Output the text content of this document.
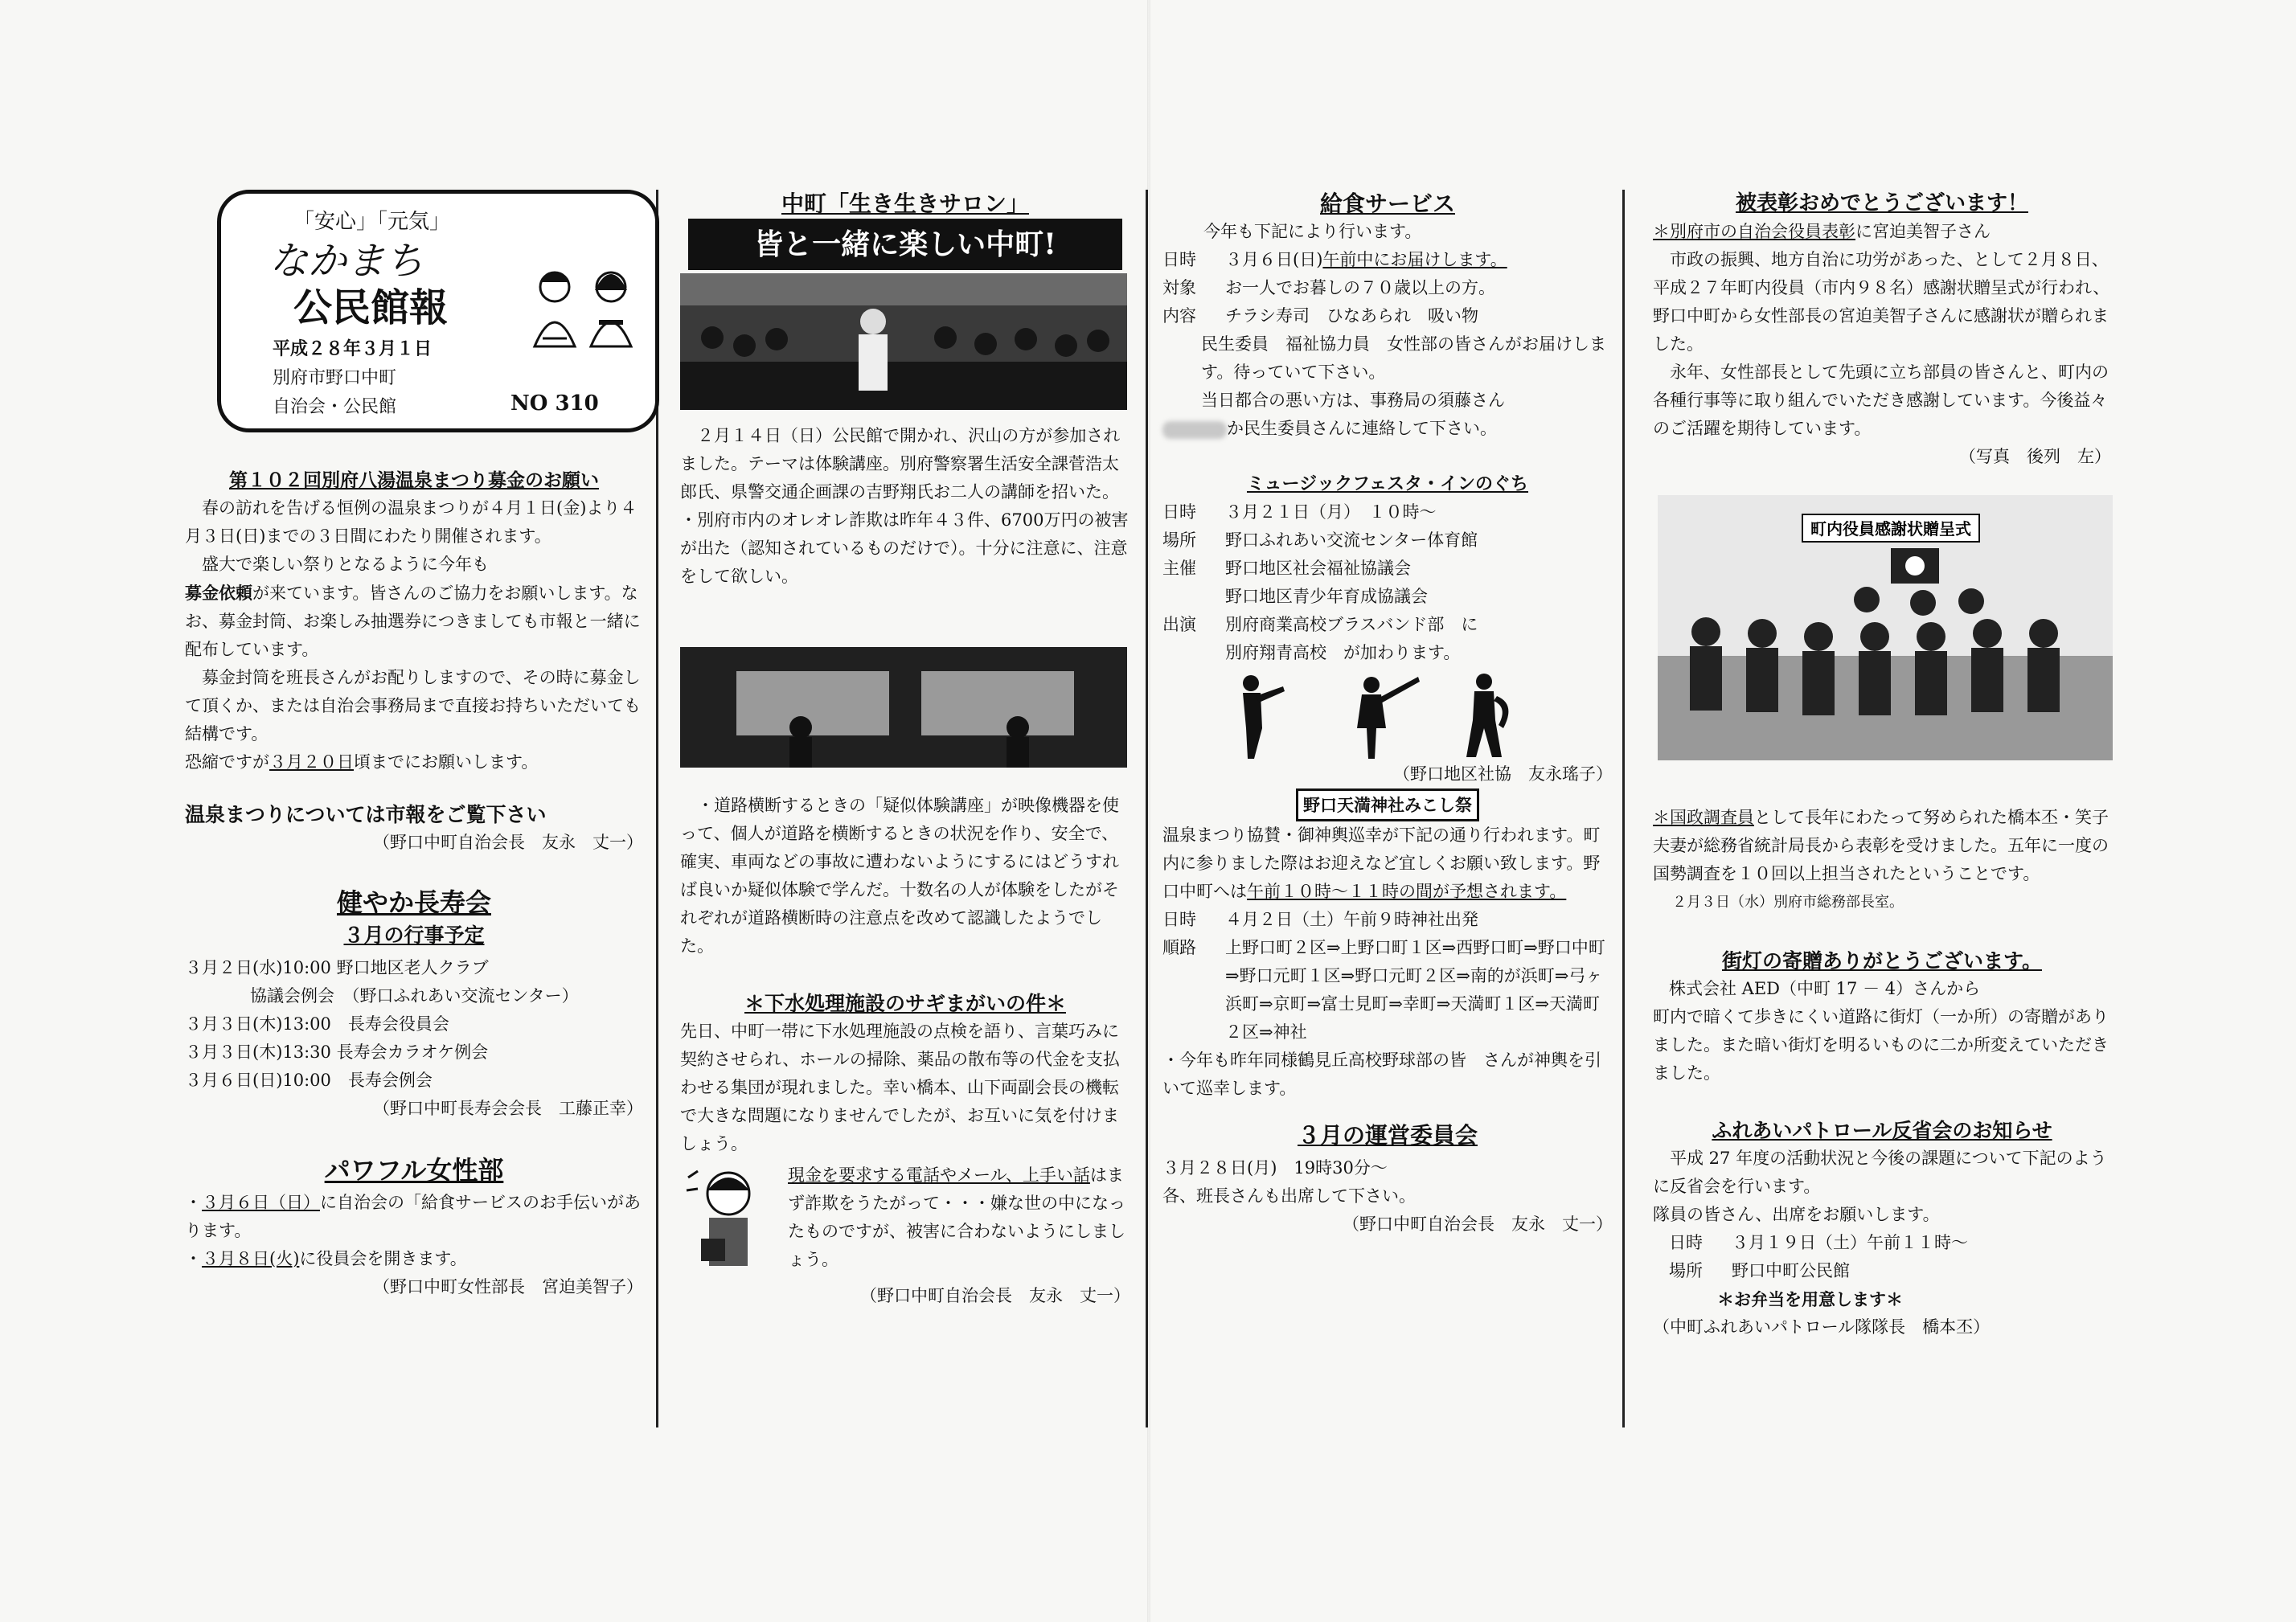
「安心」「元気」
なかまち
公民館報
平成２８年３月１日
別府市野口中町
自治会・公民館	NO 310

第１０２回別府八湯温泉まつり募金のお願い

春の訪れを告げる恒例の温泉まつりが４月１日(金)より４月３日(日)までの３日間にわたり開催されます。

盛大で楽しい祭りとなるように今年も

募金依頼が来ています。皆さんのご協力をお願いします。なお、募金封筒、お楽しみ抽選券につきましても市報と一緒に配布しています。

募金封筒を班長さんがお配りしますので、その時に募金して頂くか、または自治会事務局まで直接お持ちいただいても結構です。

恐縮ですが３月２０日頃までにお願いします。

温泉まつりについては市報をご覧下さい

（野口中町自治会長　友永　丈一）

健やか長寿会

３月の行事予定

３月２日(水)10:00 野口地区老人クラブ

　協議会例会　（野口ふれあい交流センター）

３月３日(木)13:00　長寿会役員会

３月３日(木)13:30 長寿会カラオケ例会

３月６日(日)10:00　長寿会例会

（野口中町長寿会会長　工藤正幸）

パワフル女性部

・３月６日（日）に自治会の「給食サービスのお手伝いがあります。

・３月８日(火)に役員会を開きます。

（野口中町女性部長　宮迫美智子）

中町「生き生きサロン」

皆と一緒に楽しい中町!

２月１４日（日）公民館で開かれ、沢山の方が参加されました。テーマは体験講座。別府警察署生活安全課菅浩太郎氏、県警交通企画課の吉野翔氏お二人の講師を招いた。

・別府市内のオレオレ詐欺は昨年４３件、6700万円の被害が出た（認知されているものだけで）。十分に注意に、注意をして欲しい。

・道路横断するときの「疑似体験講座」が映像機器を使って、個人が道路を横断するときの状況を作り、安全で、確実、車両などの事故に遭わないようにするにはどうすれば良いか疑似体験で学んだ。十数名の人が体験をしたがそれぞれが道路横断時の注意点を改めて認識したようでした。

＊下水処理施設のサギまがいの件＊

先日、中町一帯に下水処理施設の点検を語り、言葉巧みに契約させられ、ホールの掃除、薬品の散布等の代金を支払わせる集団が現れました。幸い橋本、山下両副会長の機転で大きな問題になりませんでしたが、お互いに気を付けましょう。

現金を要求する電話やメール、上手い話はまず詐欺をうたがって・・・嫌な世の中になったものですが、被害に合わないようにしましょう。

（野口中町自治会長　友永　丈一）

給食サービス

今年も下記により行います。

日時	３月６日(日)午前中にお届けします。
対象	お一人でお暮しの７０歳以上の方。
内容	チラシ寿司　ひなあられ　吸い物

民生委員　福祉協力員　女性部の皆さんがお届けします。待っていて下さい。

当日都合の悪い方は、事務局の須藤さん
か民生委員さんに連絡して下さい。

ミュージックフェスタ・インのぐち

日時	３月２１日（月）　１０時～
場所	野口ふれあい交流センター体育館
主催	野口地区社会福祉協議会
野口地区青少年育成協議会
出演	別府商業高校ブラスバンド部　に
別府翔青高校　が加わります。

（野口地区社協　友永瑤子）

野口天満神社みこし祭

温泉まつり協賛・御神輿巡幸が下記の通り行われます。町内に参りました際はお迎えなど宜しくお願い致します。野口中町へは午前１０時～１１時の間が予想されます。

日時	４月２日（土）午前９時神社出発
順路	上野口町２区⇒上野口町１区⇒西野口町⇒野口中町⇒野口元町１区⇒野口元町２区⇒南的が浜町⇒弓ヶ浜町⇒京町⇒富士見町⇒幸町⇒天満町１区⇒天満町２区⇒神社

・今年も昨年同様鶴見丘高校野球部の皆　さんが神輿を引いて巡幸します。

３月の運営委員会

３月２８日(月)　19時30分～

各、班長さんも出席して下さい。

（野口中町自治会長　友永　丈一）

被表彰おめでとうございます！

＊別府市の自治会役員表彰に宮迫美智子さん

市政の振興、地方自治に功労があった、として２月８日、平成２７年町内役員（市内９８名）感謝状贈呈式が行われ、野口中町から女性部長の宮迫美智子さんに感謝状が贈られました。

永年、女性部長として先頭に立ち部員の皆さんと、町内の各種行事等に取り組んでいただき感謝しています。今後益々のご活躍を期待しています。

（写真　後列　左）

町内役員感謝状贈呈式

＊国政調査員として長年にわたって努められた橋本丕・笑子夫妻が総務省統計局長から表彰を受けました。五年に一度の国勢調査を１０回以上担当されたということです。

２月３日（水）別府市総務部長室。

街灯の寄贈ありがとうございます。

株式会社 AED（中町 17 － 4）さんから

町内で暗くて歩きにくい道路に街灯（一か所）の寄贈がありました。また暗い街灯を明るいものに二か所変えていただきました。

ふれあいパトロール反省会のお知らせ

平成 27 年度の活動状況と今後の課題について下記のように反省会を行います。

隊員の皆さん、出席をお願いします。

日時	３月１９日（土）午前１１時～
場所	野口中町公民館

＊お弁当を用意します＊

（中町ふれあいパトロール隊隊長　橋本丕）
